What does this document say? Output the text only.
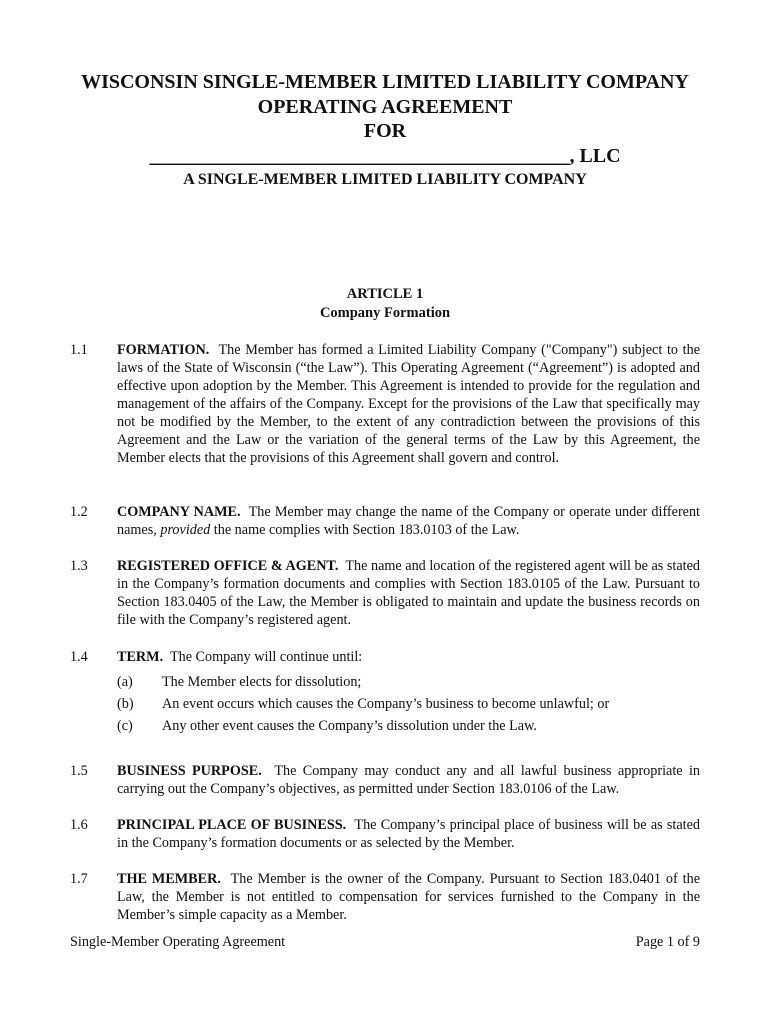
WISCONSIN SINGLE-MEMBER LIMITED LIABILITY COMPANY
OPERATING AGREEMENT
FOR
__________________________________________, LLC
A SINGLE-MEMBER LIMITED LIABILITY COMPANY
ARTICLE 1
Company Formation
1.1 FORMATION. The Member has formed a Limited Liability Company ("Company") subject to the laws of the State of Wisconsin (“the Law”). This Operating Agreement (“Agreement”) is adopted and effective upon adoption by the Member. This Agreement is intended to provide for the regulation and management of the affairs of the Company. Except for the provisions of the Law that specifically may not be modified by the Member, to the extent of any contradiction between the provisions of this Agreement and the Law or the variation of the general terms of the Law by this Agreement, the Member elects that the provisions of this Agreement shall govern and control.
1.2 COMPANY NAME. The Member may change the name of the Company or operate under different names, provided the name complies with Section 183.0103 of the Law.
1.3 REGISTERED OFFICE & AGENT. The name and location of the registered agent will be as stated in the Company’s formation documents and complies with Section 183.0105 of the Law. Pursuant to Section 183.0405 of the Law, the Member is obligated to maintain and update the business records on file with the Company’s registered agent.
1.4 TERM. The Company will continue until:
(a) The Member elects for dissolution;
(b) An event occurs which causes the Company’s business to become unlawful; or
(c) Any other event causes the Company’s dissolution under the Law.
1.5 BUSINESS PURPOSE. The Company may conduct any and all lawful business appropriate in carrying out the Company’s objectives, as permitted under Section 183.0106 of the Law.
1.6 PRINCIPAL PLACE OF BUSINESS. The Company’s principal place of business will be as stated in the Company’s formation documents or as selected by the Member.
1.7 THE MEMBER. The Member is the owner of the Company. Pursuant to Section 183.0401 of the Law, the Member is not entitled to compensation for services furnished to the Company in the Member’s simple capacity as a Member.
Single-Member Operating Agreement	Page 1 of 9
